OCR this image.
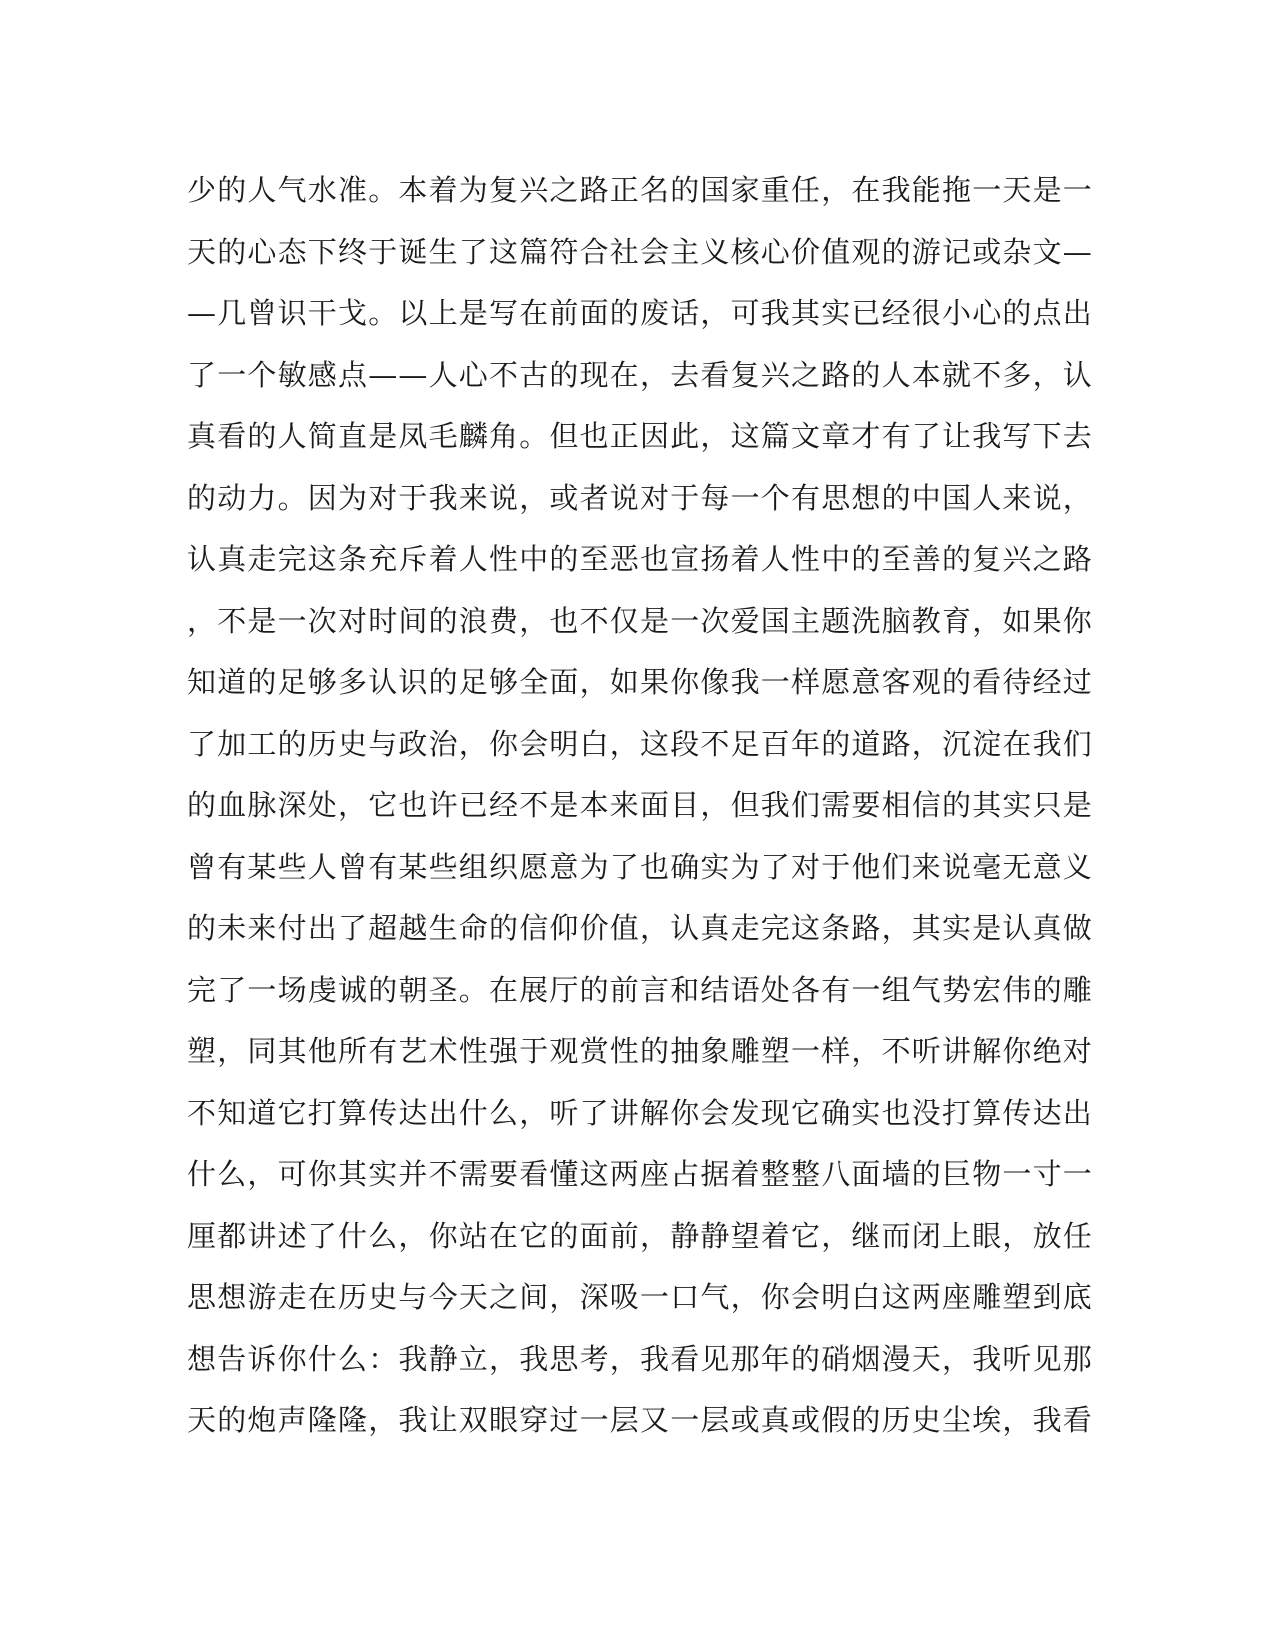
少的人气水准。本着为复兴之路正名的国家重任，在我能拖一天是一
天的心态下终于诞生了这篇符合社会主义核心价值观的游记或杂文—
—几曾识干戈。以上是写在前面的废话，可我其实已经很小心的点出
了一个敏感点——人心不古的现在，去看复兴之路的人本就不多，认
真看的人简直是凤毛麟角。但也正因此，这篇文章才有了让我写下去
的动力。因为对于我来说，或者说对于每一个有思想的中国人来说，
认真走完这条充斥着人性中的至恶也宣扬着人性中的至善的复兴之路
，不是一次对时间的浪费，也不仅是一次爱国主题洗脑教育，如果你
知道的足够多认识的足够全面，如果你像我一样愿意客观的看待经过
了加工的历史与政治，你会明白，这段不足百年的道路，沉淀在我们
的血脉深处，它也许已经不是本来面目，但我们需要相信的其实只是
曾有某些人曾有某些组织愿意为了也确实为了对于他们来说毫无意义
的未来付出了超越生命的信仰价值，认真走完这条路，其实是认真做
完了一场虔诚的朝圣。在展厅的前言和结语处各有一组气势宏伟的雕
塑，同其他所有艺术性强于观赏性的抽象雕塑一样，不听讲解你绝对
不知道它打算传达出什么，听了讲解你会发现它确实也没打算传达出
什么，可你其实并不需要看懂这两座占据着整整八面墙的巨物一寸一
厘都讲述了什么，你站在它的面前，静静望着它，继而闭上眼，放任
思想游走在历史与今天之间，深吸一口气，你会明白这两座雕塑到底
想告诉你什么：我静立，我思考，我看见那年的硝烟漫天，我听见那
天的炮声隆隆，我让双眼穿过一层又一层或真或假的历史尘埃，我看
